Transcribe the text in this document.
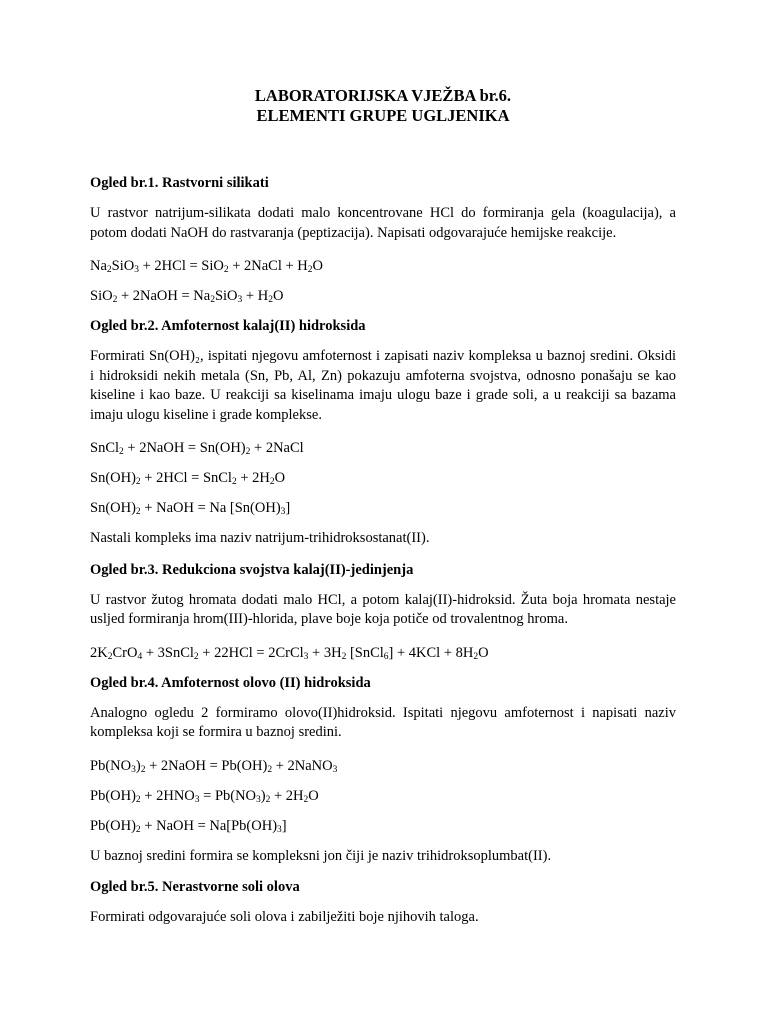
LABORATORIJSKA VJEŽBA br.6.

ELEMENTI GRUPE UGLJENIKA

Ogled br.1. Rastvorni silikati

U rastvor natrijum-silikata dodati malo koncentrovane HCl do formiranja gela (koagulacija), a potom dodati NaOH do rastvaranja (peptizacija). Napisati odgovarajuće hemijske reakcije.

$Na_2SiO_3 + 2HCl = SiO_2$ + 2NaCl + $H_2O$

SiO$_2$ + 2NaOH = $Na_2SiO_3 + H_2O$

Ogled br.2. Amfoternost kalaj(II) hidroksida

Formirati Sn(OH)₂, ispitati njegovu amfoternost i zapisati naziv kompleksa u baznoj sredini. Oksidi i hidroksidi nekih metala (Sn, Pb, Al, Zn) pokazuju amfoterna svojstva, odnosno ponašaju se kao kiseline i kao baze. U reakciji sa kiselinama imaju ulogu baze i grade soli, a u reakciji sa bazama imaju ulogu kiseline i grade komplekse.

SnCl$_2$ + 2NaOH = $Sn(OH)_2$ + 2NaCl

$Sn(OH)_2 + 2HCl$ = SnCl$_2$ + $2H_2O$

$Sn(OH)_2$ + NaOH = Na $[Sn(OH)_3]$

Nastali kompleks ima naziv natrijum-trihidroksostanat(II).

Ogled br.3. Redukciona svojstva kalaj(II)-jedinjenja

U rastvor žutog hromata dodati malo HCl, a potom kalaj(II)-hidroksid. Žuta boja hromata nestaje usljed formiranja hrom(III)-hlorida, plave boje koja potiče od trovalentnog hroma.

$2K_2CrO_4$ + 3SnCl$_2$ + 22HCl = 2CrCl$_3$ + $3H_2$ [SnCl$_6$] + $4KCl + 8H_2O$

Ogled br.4. Amfoternost olovo (II) hidroksida

Analogno ogledu 2 formiramo olovo(II)hidroksid. Ispitati njegovu amfoternost i napisati naziv kompleksa koji se formira u baznoj sredini.

$Pb(NO_3)_2$ + 2NaOH = $Pb(OH)_2$ + 2NaNO$_3$

$Pb(OH)_2 + 2HNO_3 = Pb(NO_3)_2 + 2H_2O$

$Pb(OH)_2$ + NaOH = $Na[Pb(OH)_3]$

U baznoj sredini formira se kompleksni jon čiji je naziv trihidroksoplumbat(II).

Ogled br.5. Nerastvorne soli olova

Formirati odgovarajuće soli olova i zabilježiti boje njihovih taloga.
